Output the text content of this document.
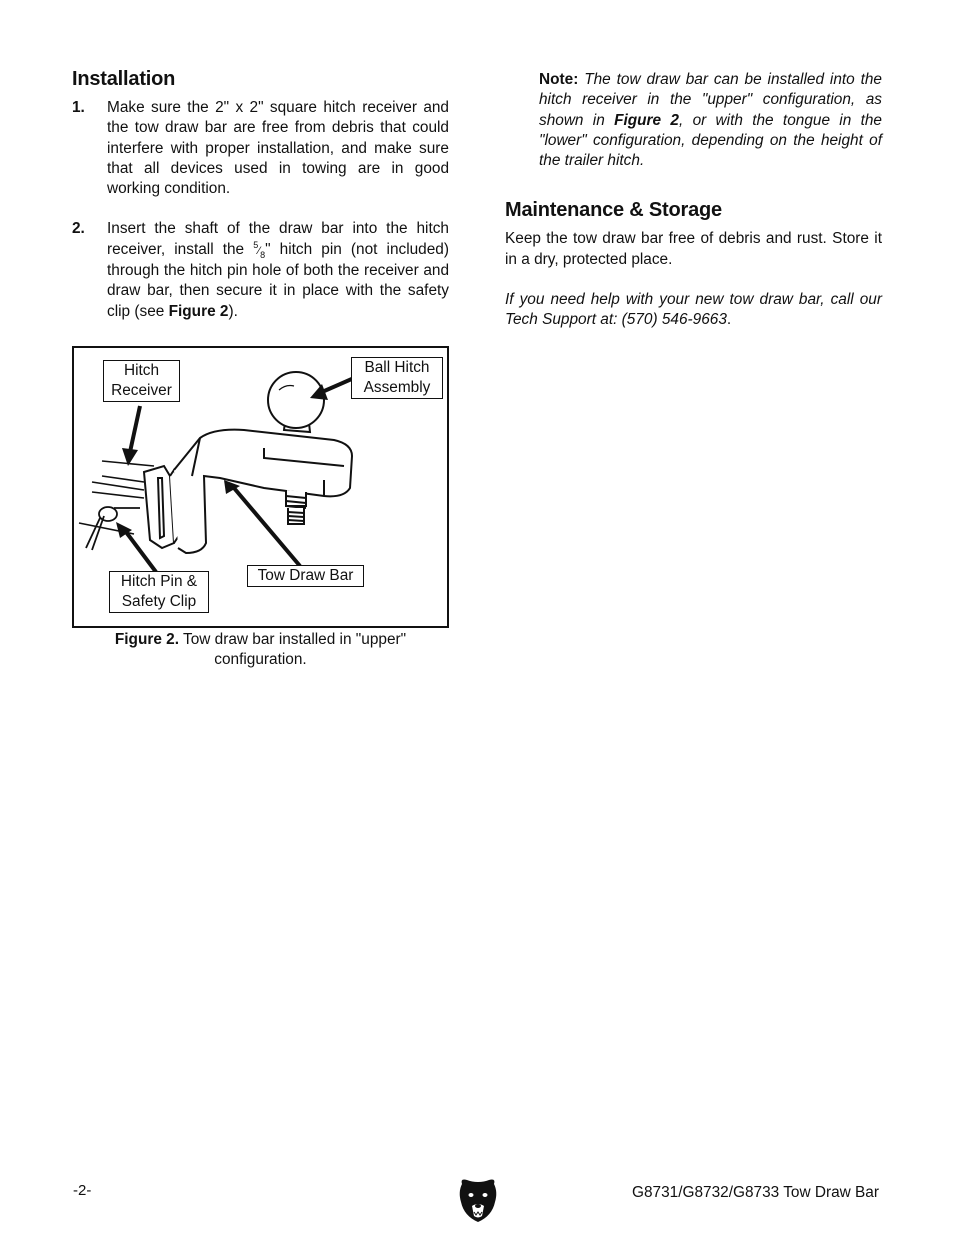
Installation
1. Make sure the 2" x 2" square hitch receiver and the tow draw bar are free from debris that could interfere with proper installation, and make sure that all devices used in towing are in good working condition.
2. Insert the shaft of the draw bar into the hitch receiver, install the $^5⁄_8$" hitch pin (not included) through the hitch pin hole of both the receiver and draw bar, then secure it in place with the safety clip (see Figure 2).
Hitch Receiver
Ball Hitch Assembly
Hitch Pin & Safety Clip
Tow Draw Bar
Figure 2. Tow draw bar installed in "upper" configuration.
Note: The tow draw bar can be installed into the hitch receiver in the "upper" configuration, as shown in Figure 2, or with the tongue in the "lower" configuration, depending on the height of the trailer hitch.
Maintenance & Storage
Keep the tow draw bar free of debris and rust. Store it in a dry, protected place.
If you need help with your new tow draw bar, call our Tech Support at: (570) 546-9663.
-2-	G8731/G8732/G8733 Tow Draw Bar
